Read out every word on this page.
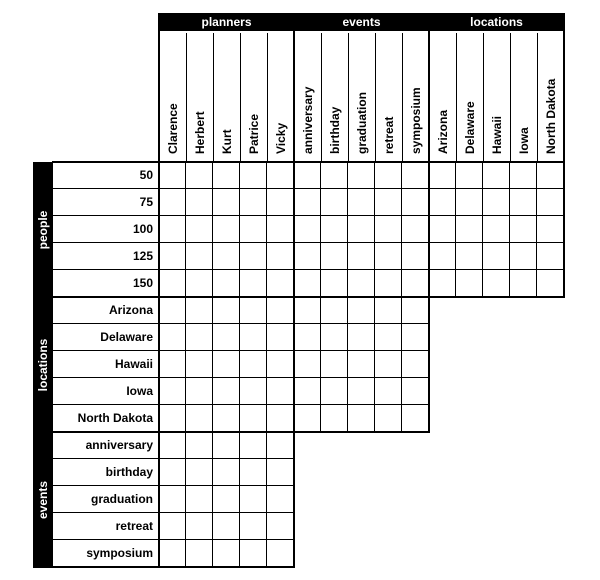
planners
Clarence Herbert Kurt Patrice Vicky
events
anniversary birthday graduation retreat symposium
locations
Arizona Delaware Hawaii Iowa North Dakota
people
50
75
100
125
150
locations
Arizona
Delaware
Hawaii
Iowa
North Dakota
events
anniversary
birthday
graduation
retreat
symposium
